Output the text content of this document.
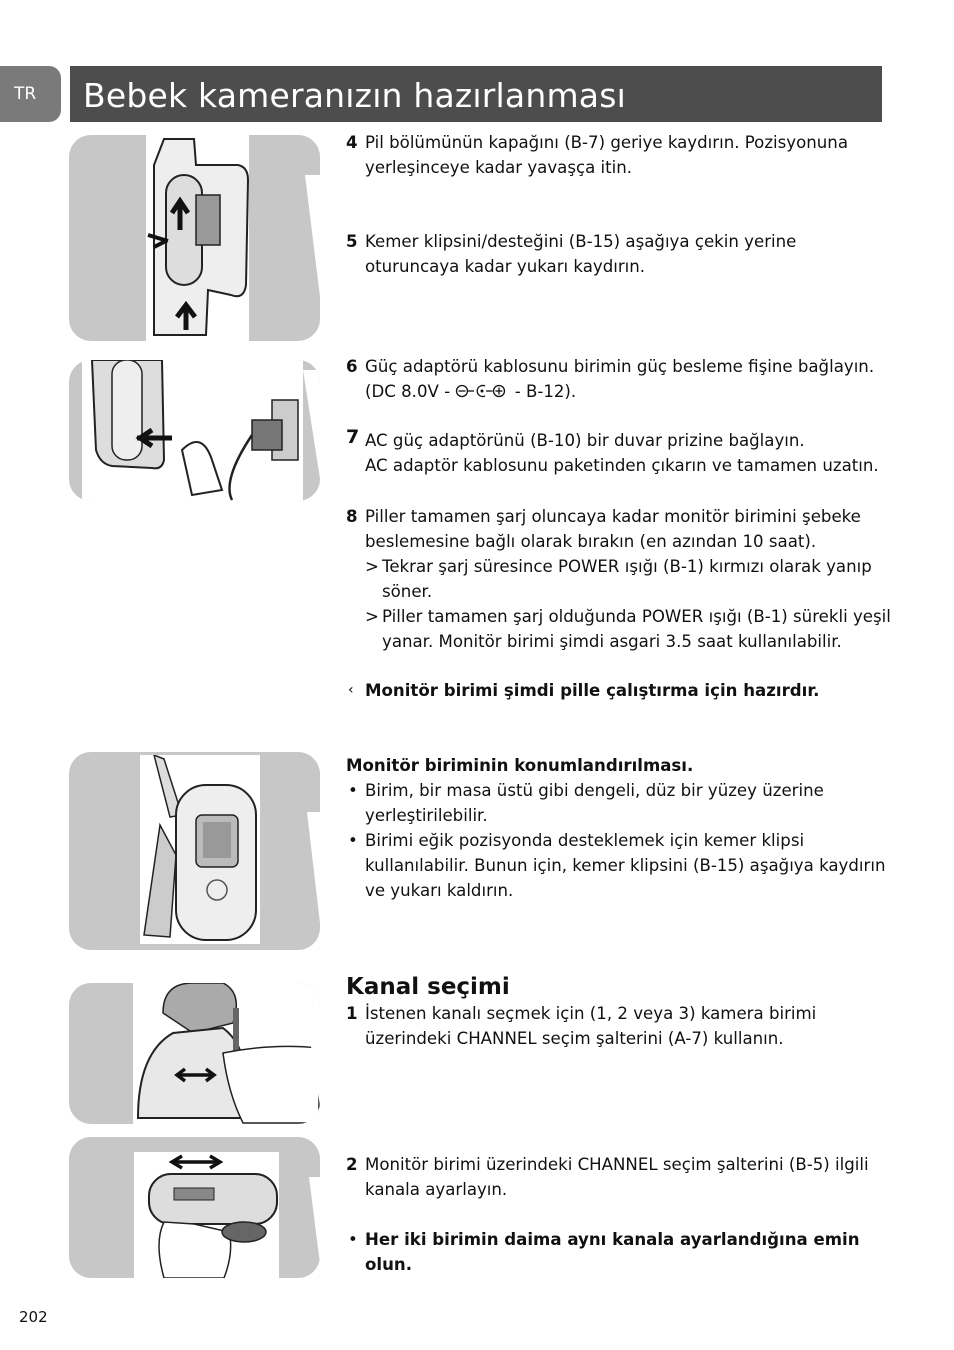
TR	Bebek kameranızın hazırlanması
4 Pil bölümünün kapağını (B-7) geriye kaydırın. Pozisyonuna yerleşinceye kadar yavaşça itin.
5 Kemer klipsini/desteğini (B-15) aşağıya çekin yerine oturuncaya kadar yukarı kaydırın.
6 Güç adaptörü kablosunu birimin güç besleme fişine bağlayın.
(DC 8.0V -	- B-12).
7 AC güç adaptörünü (B-10) bir duvar prizine bağlayın.
AC adaptör kablosunu paketinden çıkarın ve tamamen uzatın.
8 Piller tamamen şarj oluncaya kadar monitör birimini şebeke beslemesine bağlı olarak bırakın (en azından 10 saat).
> Tekrar şarj süresince POWER ışığı (B-1) kırmızı olarak yanıp söner.
> Piller tamamen şarj olduğunda POWER ışığı (B-1) sürekli yeşil yanar. Monitör birimi şimdi asgari 3.5 saat kullanılabilir.
‹ Monitör birimi şimdi pille çalıştırma için hazırdır.
Monitör biriminin konumlandırılması.
• Birim, bir masa üstü gibi dengeli, düz bir yüzey üzerine yerleştirilebilir.
• Birimi eğik pozisyonda desteklemek için kemer klipsi kullanılabilir. Bunun için, kemer klipsini (B-15) aşağıya kaydırın ve yukarı kaldırın.
Kanal seçimi
1 İstenen kanalı seçmek için (1, 2 veya 3) kamera birimi üzerindeki CHANNEL seçim şalterini (A-7) kullanın.
2 Monitör birimi üzerindeki CHANNEL seçim şalterini (B-5) ilgili kanala ayarlayın.
• Her iki birimin daima aynı kanala ayarlandığına emin olun.
202
